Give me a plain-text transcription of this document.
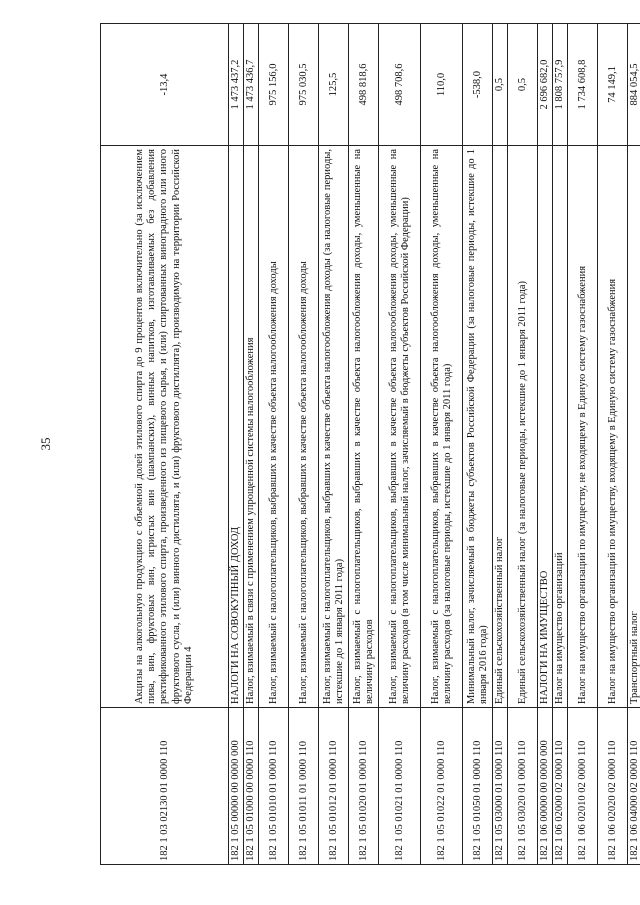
35
182 1 03 02130 01 0000 110	Акцизы на алкогольную продукцию с объемной долей этилового спирта до 9 процентов включительно (за исключением пива, вин, фруктовых вин, игристых вин (шампанских), винных напитков, изготавливаемых без добавления ректификованного этилового спирта, произведенного из пищевого сырья, и (или) спиртованных виноградного или иного фруктового сусла, и (или) винного дистиллята, и (или) фруктового дистиллята), производимую на территории Российской Федерации 4	-13,4
182 1 05 00000 00 0000 000	НАЛОГИ НА СОВОКУПНЫЙ ДОХОД	1 473 437,2
182 1 05 01000 00 0000 110	Налог, взимаемый в связи с применением упрощенной системы налогообложения	1 473 436,7
182 1 05 01010 01 0000 110	Налог, взимаемый с налогоплательщиков, выбравших в качестве объекта налогообложения доходы	975 156,0
182 1 05 01011 01 0000 110	Налог, взимаемый с налогоплательщиков, выбравших в качестве объекта налогообложения доходы	975 030,5
182 1 05 01012 01 0000 110	Налог, взимаемый с налогоплательщиков, выбравших в качестве объекта налогообложения доходы (за налоговые периоды, истекшие до 1 января 2011 года)	125,5
182 1 05 01020 01 0000 110	Налог, взимаемый с налогоплательщиков, выбравших в качестве объекта налогообложения доходы, уменьшенные на величину расходов	498 818,6
182 1 05 01021 01 0000 110	Налог, взимаемый с налогоплательщиков, выбравших в качестве объекта налогообложения доходы, уменьшенные на величину расходов (в том числе минимальный налог, зачисляемый в бюджеты субъектов Российской Федерации)	498 708,6
182 1 05 01022 01 0000 110	Налог, взимаемый с налогоплательщиков, выбравших в качестве объекта налогообложения доходы, уменьшенные на величину расходов (за налоговые периоды, истекшие до 1 января 2011 года)	110,0
182 1 05 01050 01 0000 110	Минимальный налог, зачисляемый в бюджеты субъектов Российской Федерации (за налоговые периоды, истекшие до 1 января 2016 года)	-538,0
182 1 05 03000 01 0000 110	Единый сельскохозяйственный налог	0,5
182 1 05 03020 01 0000 110	Единый сельскохозяйственный налог (за налоговые периоды, истекшие до 1 января 2011 года)	0,5
182 1 06 00000 00 0000 000	НАЛОГИ НА ИМУЩЕСТВО	2 696 682,0
182 1 06 02000 02 0000 110	Налог на имущество организаций	1 808 757,9
182 1 06 02010 02 0000 110	Налог на имущество организаций по имуществу, не входящему в Единую систему газоснабжения	1 734 608,8
182 1 06 02020 02 0000 110	Налог на имущество организаций по имуществу, входящему в Единую систему газоснабжения	74 149,1
182 1 06 04000 02 0000 110	Транспортный налог	884 054,5
